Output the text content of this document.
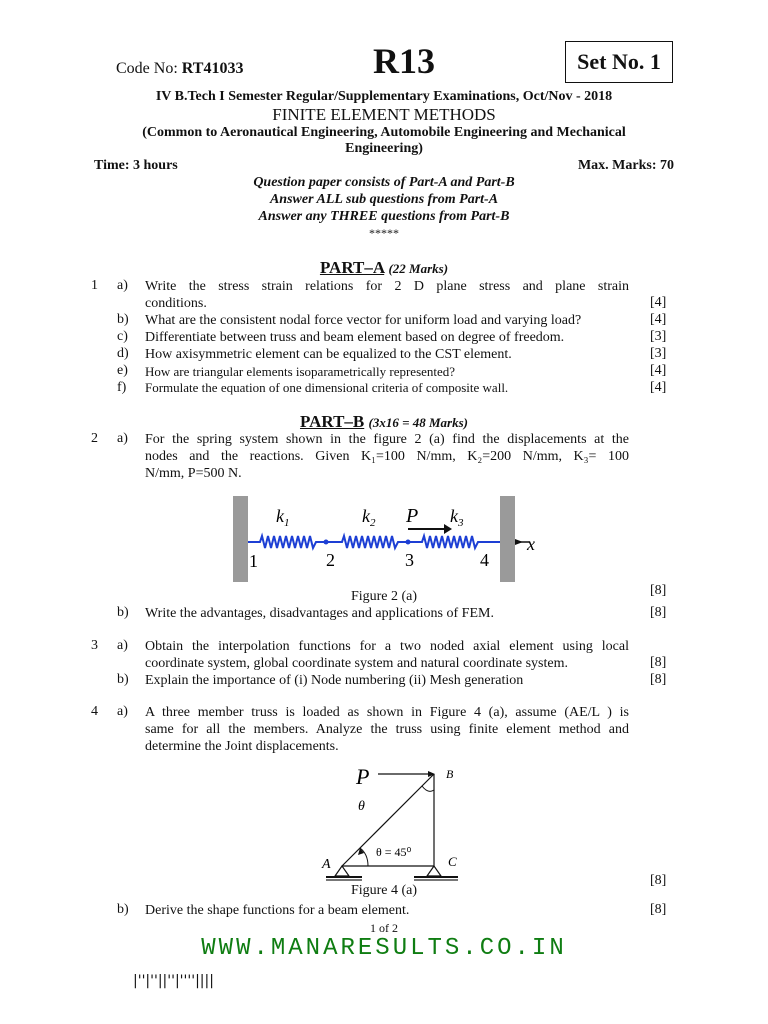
Code No: RT41033	R13	Set No. 1
IV B.Tech I Semester Regular/Supplementary Examinations, Oct/Nov - 2018
FINITE ELEMENT METHODS
(Common to Aeronautical Engineering, Automobile Engineering and Mechanical
Engineering)
Time: 3 hours	Max. Marks: 70
Question paper consists of Part-A and Part-B
Answer ALL sub questions from Part-A
Answer any THREE questions from Part-B
*****
PART–A (22 Marks)
1 a) Write the stress strain relations for 2 D plane stress and plane strain
conditions.	[4]
b) What are the consistent nodal force vector for uniform load and varying load?	[4]
c) Differentiate between truss and beam element based on degree of freedom.	[3]
d) How axisymmetric element can be equalized to the CST element.	[3]
e) How are triangular elements isoparametrically represented?	[4]
f) Formulate the equation of one dimensional criteria of composite wall.	[4]
PART–B (3x16 = 48 Marks)
2 a) For the spring system shown in the figure 2 (a) find the displacements at the
nodes and the reactions. Given K₁=100 N/mm, K₂=200 N/mm, K₃= 100
N/mm, P=500 N.
$k_1$	$k_2$ P $k_3$
1	2	3	4
x
Figure 2 (a)	[8]
b) Write the advantages, disadvantages and applications of FEM.	[8]
3 a) Obtain the interpolation functions for a two noded axial element using local
coordinate system, global coordinate system and natural coordinate system.	[8]
b) Explain the importance of (i) Node numbering (ii) Mesh generation	[8]
4 a) A three member truss is loaded as shown in Figure 4 (a), assume (AE/L ) is
same for all the members. Analyze the truss using finite element method and
determine the Joint displacements.
P	B
θ
θ = 45⁰
A	C
Figure 4 (a)
[8]
b) Derive the shape functions for a beam element.	[8]
1 of 2
WWW.MANARESULTS.CO.IN
|''|''||''|''''||||
